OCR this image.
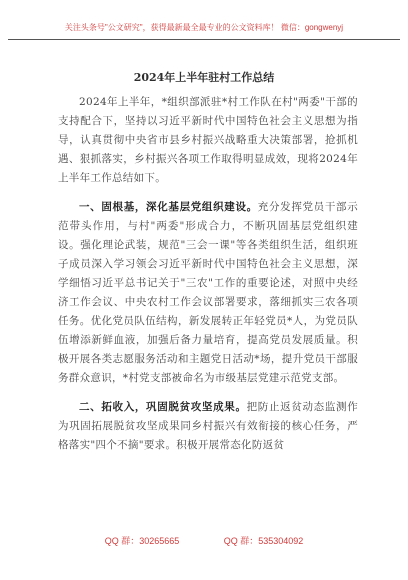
关注头条号"公文研究"，获得最新最全最专业的公文资料库！ 微信：gongwenyj
2024年上半年驻村工作总结

2024年上半年，*组织部派驻*村工作队在村"两委"干部的支持配合下，坚持以习近平新时代中国特色社会主义思想为指导，认真贯彻中央省市县乡村振兴战略重大决策部署，抢抓机遇、狠抓落实，乡村振兴各项工作取得明显成效，现将2024年上半年工作总结如下。

一、固根基，深化基层党组织建设。充分发挥党员干部示范带头作用，与村"两委"形成合力，不断巩固基层党组织建设。强化理论武装，规范"三会一课"等各类组织生活，组织班子成员深入学习领会习近平新时代中国特色社会主义思想，深学细悟习近平总书记关于"三农"工作的重要论述，对照中央经济工作会议、中央农村工作会议部署要求，落细抓实三农各项任务。优化党员队伍结构，新发展转正年轻党员*人，为党员队伍增添新鲜血液，加强后备力量培育，提高党员发展质量。积极开展各类志愿服务活动和主题党日活动*场，提升党员干部服务群众意识，*村党支部被命名为市级基层党建示范党支部。

二、拓收入，巩固脱贫攻坚成果。把防止返贫动态监测作为巩固拓展脱贫攻坚成果同乡村振兴有效衔接的核心任务，严格落实"四个不摘"要求。积极开展常态化防返贫

QQ 群：30265665	QQ 群：535304092
